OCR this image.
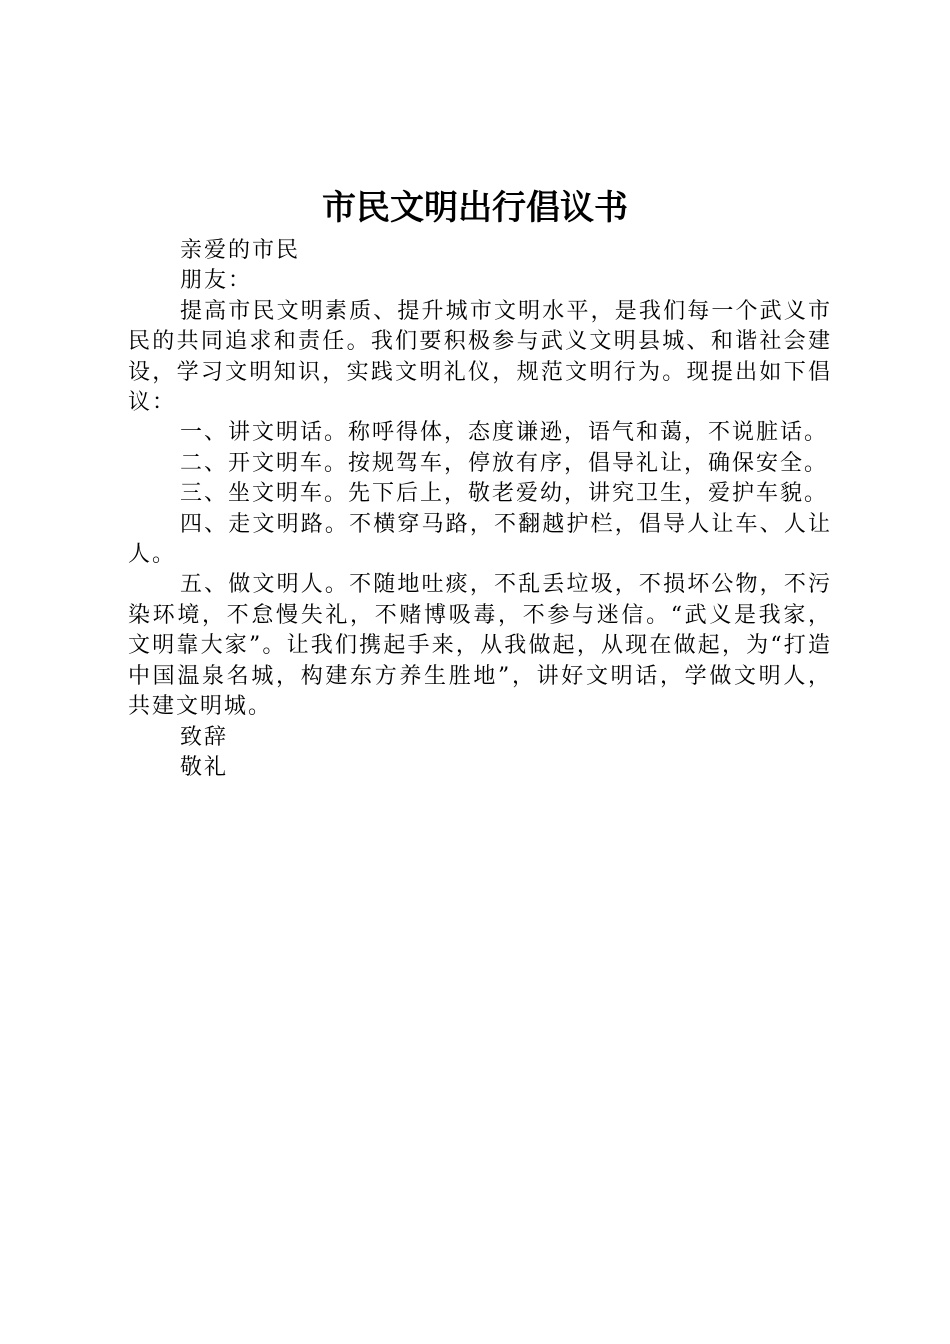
市民文明出行倡议书

亲爱的市民

朋友：

提高市民文明素质、提升城市文明水平，是我们每一个武义市民的共同追求和责任。我们要积极参与武义文明县城、和谐社会建设，学习文明知识，实践文明礼仪，规范文明行为。现提出如下倡议：

一、讲文明话。称呼得体，态度谦逊，语气和蔼，不说脏话。

二、开文明车。按规驾车，停放有序，倡导礼让，确保安全。

三、坐文明车。先下后上，敬老爱幼，讲究卫生，爱护车貌。

四、走文明路。不横穿马路，不翻越护栏，倡导人让车、人让人。

五、做文明人。不随地吐痰，不乱丢垃圾，不损坏公物，不污染环境，不怠慢失礼，不赌博吸毒，不参与迷信。“武义是我家，文明靠大家”。让我们携起手来，从我做起，从现在做起，为“打造中国温泉名城，构建东方养生胜地”，讲好文明话，学做文明人，共建文明城。

致辞

敬礼
